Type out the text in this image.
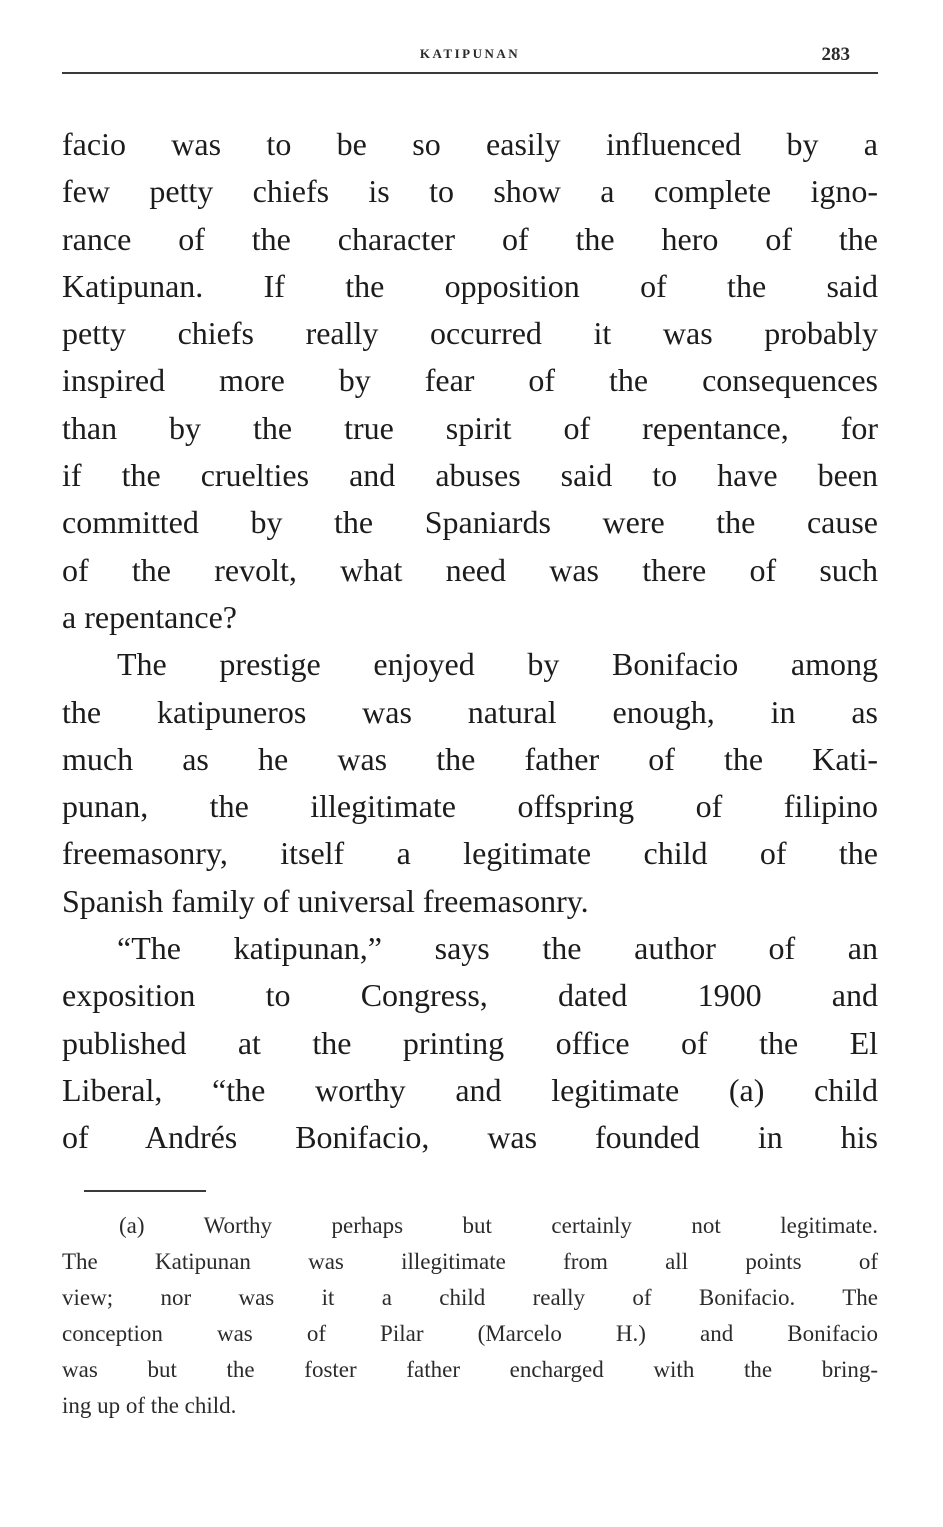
KATIPUNAN	283
facio was to be so easily influenced by a
few petty chiefs is to show a complete igno-
rance of the character of the hero of the
Katipunan. If the opposition of the said
petty chiefs really occurred it was probably
inspired more by fear of the consequences
than by the true spirit of repentance, for
if the cruelties and abuses said to have been
committed by the Spaniards were the cause
of the revolt, what need was there of such
a repentance?
The prestige enjoyed by Bonifacio among
the katipuneros was natural enough, in as
much as he was the father of the Kati-
punan, the illegitimate offspring of filipino
freemasonry, itself a legitimate child of the
Spanish family of universal freemasonry.
“The katipunan,” says the author of an
exposition to Congress, dated 1900 and
published at the printing office of the El
Liberal, “the worthy and legitimate (a) child
of Andrés Bonifacio, was founded in his
(a) Worthy perhaps but certainly not legitimate.
The Katipunan was illegitimate from all points of
view; nor was it a child really of Bonifacio. The
conception was of Pilar (Marcelo H.) and Bonifacio
was but the foster father encharged with the bring-
ing up of the child.
